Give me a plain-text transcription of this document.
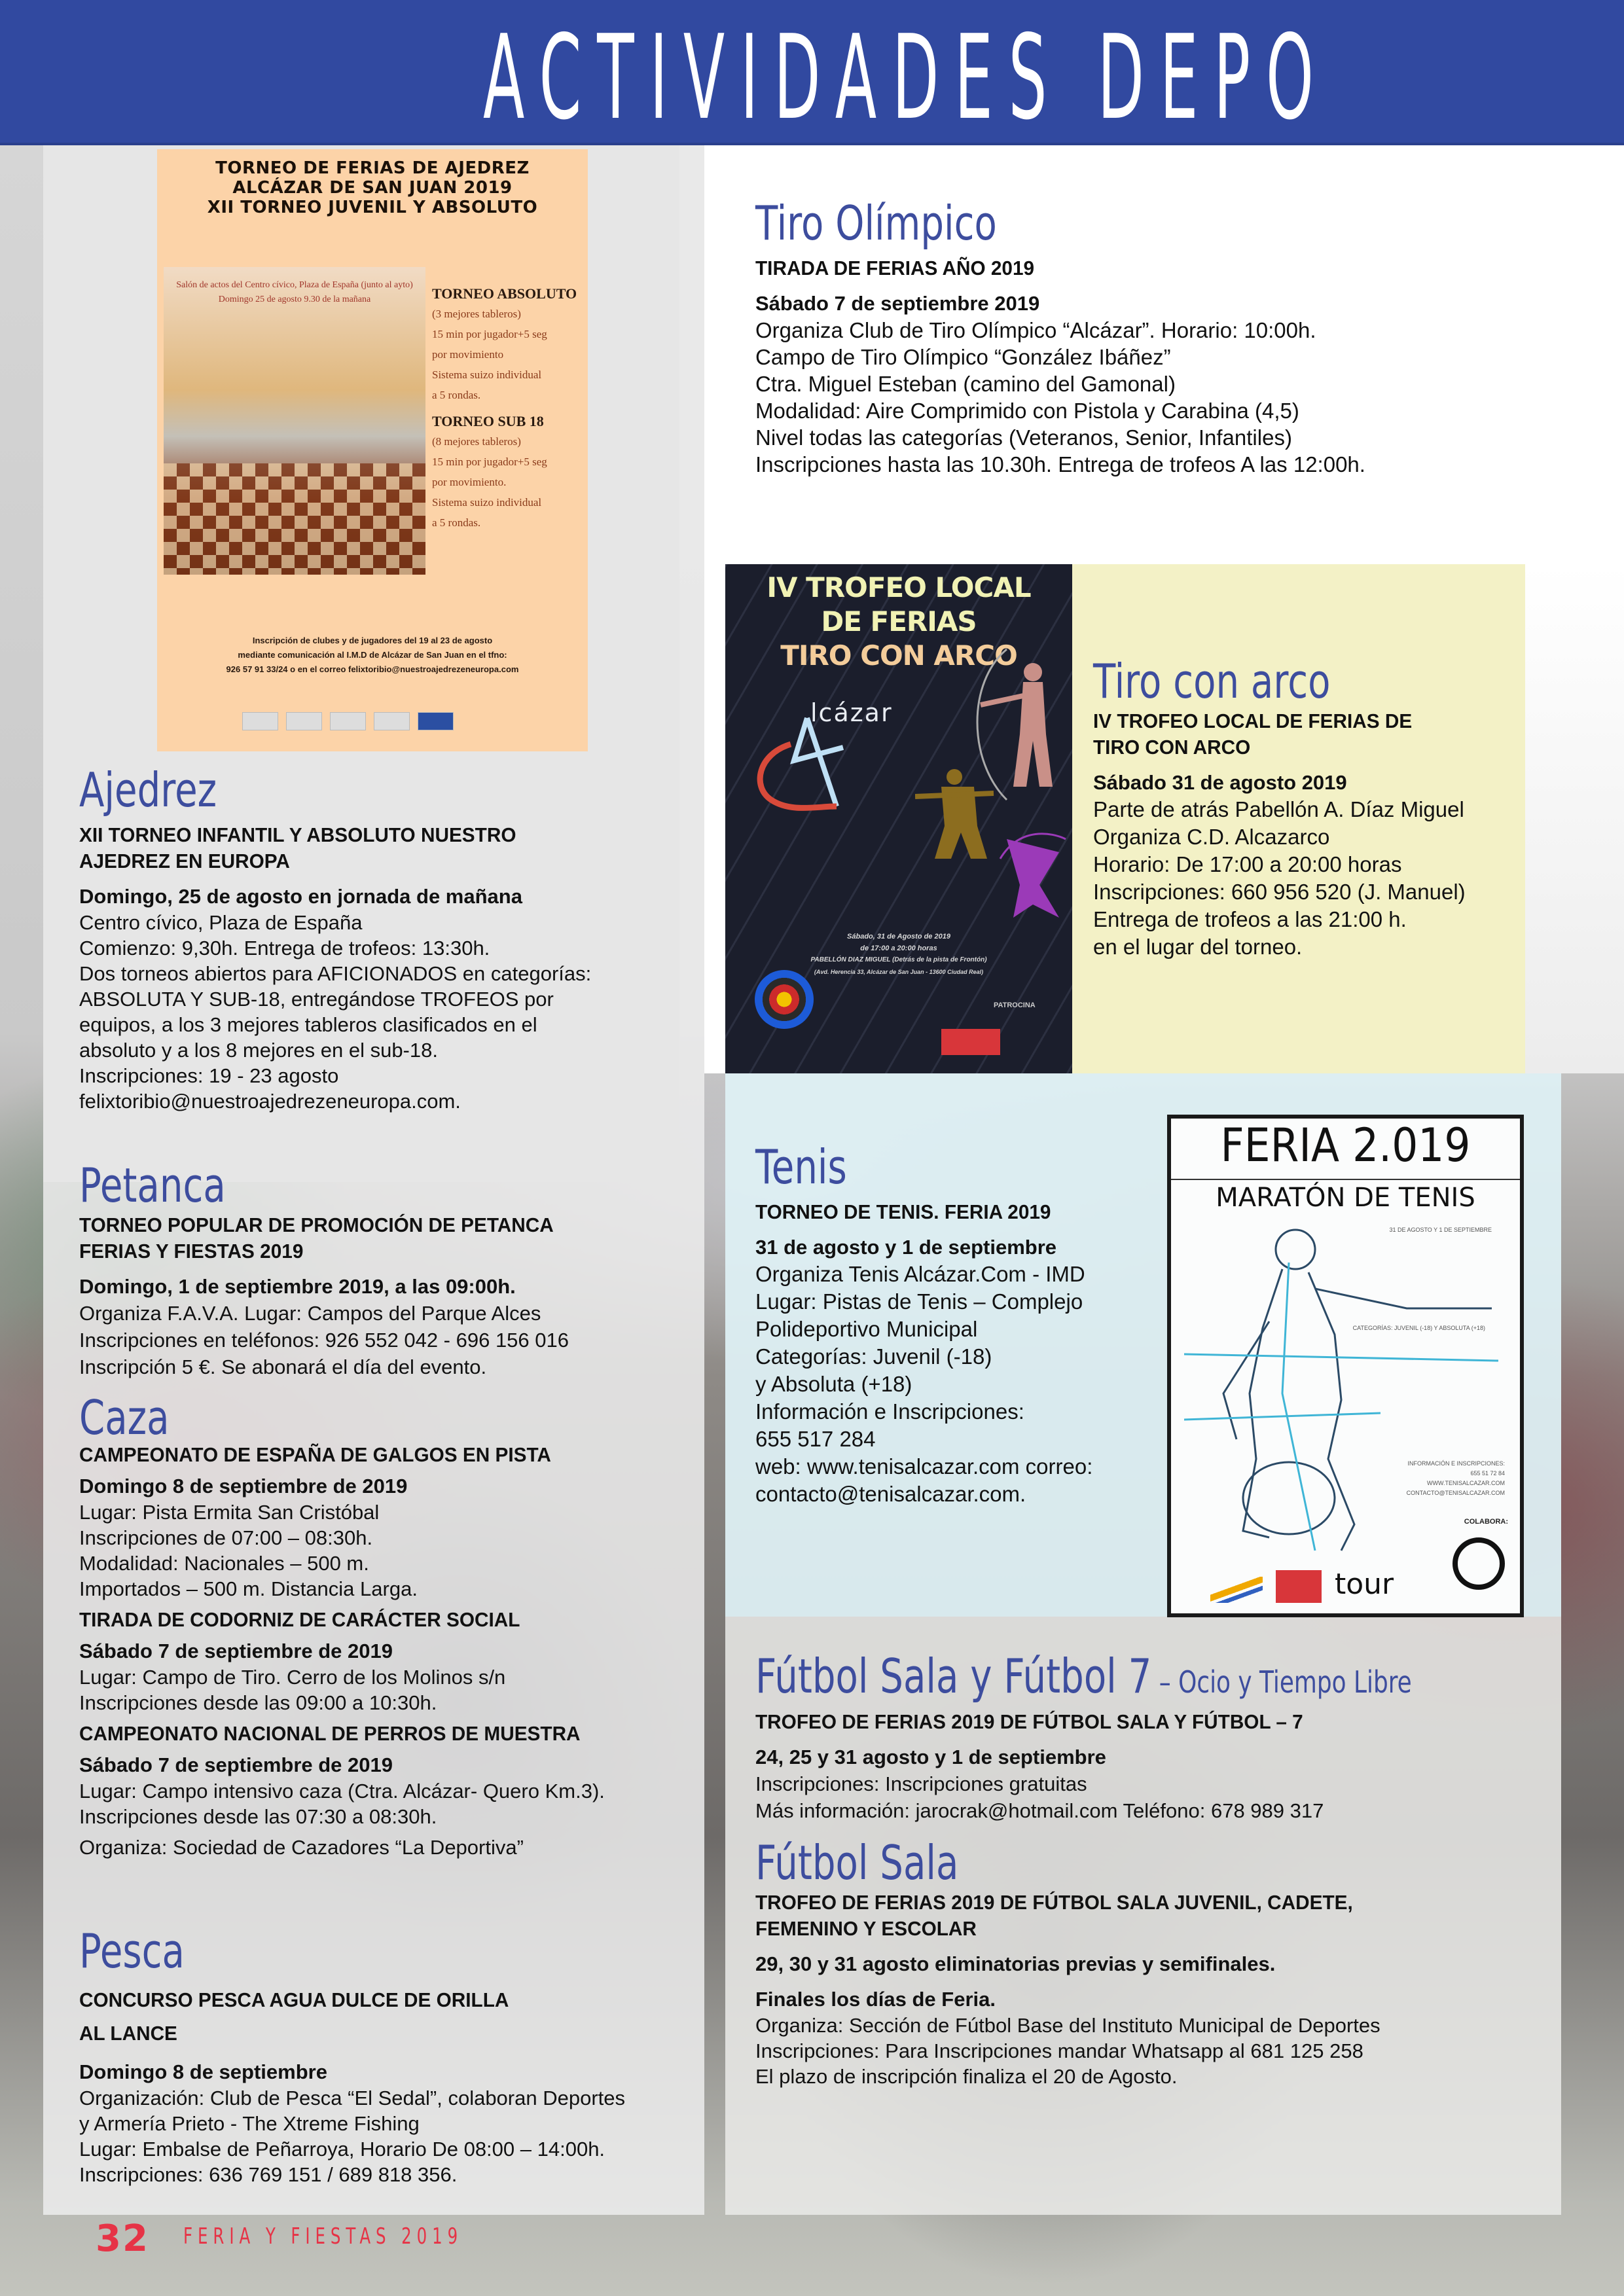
ACTIVIDADES DEPO
TORNEO DE FERIAS DE AJEDREZ
ALCÁZAR DE SAN JUAN 2019
XII TORNEO JUVENIL Y ABSOLUTO
Salón de actos del Centro cívico, Plaza de España (junto al ayto)
Domingo 25 de agosto 9.30 de la mañana	TORNEO ABSOLUTO
(3 mejores tableros)
15 min por jugador+5 seg
por movimiento
Sistema suizo individual
a 5 rondas.
TORNEO SUB 18
(8 mejores tableros)
15 min por jugador+5 seg
por movimiento.
Sistema suizo individual
a 5 rondas.
Inscripción de clubes y de jugadores del 19 al 23 de agosto
mediante comunicación al I.M.D de Alcázar de San Juan en el tfno:
926 57 91 33/24 o en el correo felixtoribio@nuestroajedrezeneuropa.com
IV TROFEO LOCAL
DE FERIAS
TIRO CON ARCO
lcázar
Sábado, 31 de Agosto de 2019
de 17:00 a 20:00 horas
PABELLÓN DIAZ MIGUEL (Detrás de la pista de Frontón)
(Avd. Herencia 33, Alcázar de San Juan - 13600 Ciudad Real)
PATROCINA
FERIA 2.019
MARATÓN DE TENIS
31 DE AGOSTO Y 1 DE SEPTIEMBRE
CATEGORÍAS: JUVENIL (-18) Y ABSOLUTA (+18)
INFORMACIÓN E INSCRIPCIONES:
655 51 72 84
WWW.TENISALCAZAR.COM
CONTACTO@TENISALCAZAR.COM
COLABORA:
tour
Ajedrez
XII TORNEO INFANTIL Y ABSOLUTO NUESTRO
AJEDREZ EN EUROPA
Domingo, 25 de agosto en jornada de mañana
Centro cívico, Plaza de España
Comienzo: 9,30h. Entrega de trofeos: 13:30h.
Dos torneos abiertos para AFICIONADOS en categorías:
ABSOLUTA Y SUB-18, entregándose TROFEOS por
equipos, a los 3 mejores tableros clasificados en el
absoluto y a los 8 mejores en el sub-18.
Inscripciones: 19 - 23 agosto
felixtoribio@nuestroajedrezeneuropa.com.
Petanca
TORNEO POPULAR DE PROMOCIÓN DE PETANCA
FERIAS Y FIESTAS 2019
Domingo, 1 de septiembre 2019, a las 09:00h.
Organiza F.A.V.A. Lugar: Campos del Parque Alces
Inscripciones en teléfonos: 926 552 042 - 696 156 016
Inscripción 5 €. Se abonará el día del evento.
Caza
CAMPEONATO DE ESPAÑA DE GALGOS EN PISTA
Domingo 8 de septiembre de 2019
Lugar: Pista Ermita San Cristóbal
Inscripciones de 07:00 – 08:30h.
Modalidad: Nacionales – 500 m.
Importados – 500 m. Distancia Larga.
TIRADA DE CODORNIZ DE CARÁCTER SOCIAL
Sábado 7 de septiembre de 2019
Lugar: Campo de Tiro. Cerro de los Molinos s/n
Inscripciones desde las 09:00 a 10:30h.
CAMPEONATO NACIONAL DE PERROS DE MUESTRA
Sábado 7 de septiembre de 2019
Lugar: Campo intensivo caza (Ctra. Alcázar- Quero Km.3).
Inscripciones desde las 07:30 a 08:30h.
Organiza: Sociedad de Cazadores “La Deportiva”
Pesca
CONCURSO PESCA AGUA DULCE DE ORILLA
AL LANCE
Domingo 8 de septiembre
Organización: Club de Pesca “El Sedal”, colaboran Deportes
y Armería Prieto - The Xtreme Fishing
Lugar: Embalse de Peñarroya, Horario De 08:00 – 14:00h.
Inscripciones: 636 769 151 / 689 818 356.
Tiro Olímpico
TIRADA DE FERIAS AÑO 2019
Sábado 7 de septiembre 2019
Organiza Club de Tiro Olímpico “Alcázar”. Horario: 10:00h.
Campo de Tiro Olímpico “González Ibáñez”
Ctra. Miguel Esteban (camino del Gamonal)
Modalidad: Aire Comprimido con Pistola y Carabina (4,5)
Nivel todas las categorías (Veteranos, Senior, Infantiles)
Inscripciones hasta las 10.30h. Entrega de trofeos A las 12:00h.
Tiro con arco
IV TROFEO LOCAL DE FERIAS DE
TIRO CON ARCO
Sábado 31 de agosto 2019
Parte de atrás Pabellón A. Díaz Miguel
Organiza C.D. Alcazarco
Horario: De 17:00 a 20:00 horas
Inscripciones: 660 956 520 (J. Manuel)
Entrega de trofeos a las 21:00 h.
en el lugar del torneo.
Tenis
TORNEO DE TENIS. FERIA 2019
31 de agosto y 1 de septiembre
Organiza Tenis Alcázar.Com - IMD
Lugar: Pistas de Tenis – Complejo
Polideportivo Municipal
Categorías: Juvenil (-18)
y Absoluta (+18)
Información e Inscripciones:
655 517 284
web: www.tenisalcazar.com correo:
contacto@tenisalcazar.com.
Fútbol Sala y Fútbol 7 – Ocio y Tiempo Libre
TROFEO DE FERIAS 2019 DE FÚTBOL SALA Y FÚTBOL – 7
24, 25 y 31 agosto y 1 de septiembre
Inscripciones: Inscripciones gratuitas
Más información: jarocrak@hotmail.com Teléfono: 678 989 317
Fútbol Sala
TROFEO DE FERIAS 2019 DE FÚTBOL SALA JUVENIL, CADETE,
FEMENINO Y ESCOLAR
29, 30 y 31 agosto eliminatorias previas y semifinales.
Finales los días de Feria.
Organiza: Sección de Fútbol Base del Instituto Municipal de Deportes
Inscripciones: Para Inscripciones mandar Whatsapp al 681 125 258
El plazo de inscripción finaliza el 20 de Agosto.
32 FERIA Y FIESTAS 2019
